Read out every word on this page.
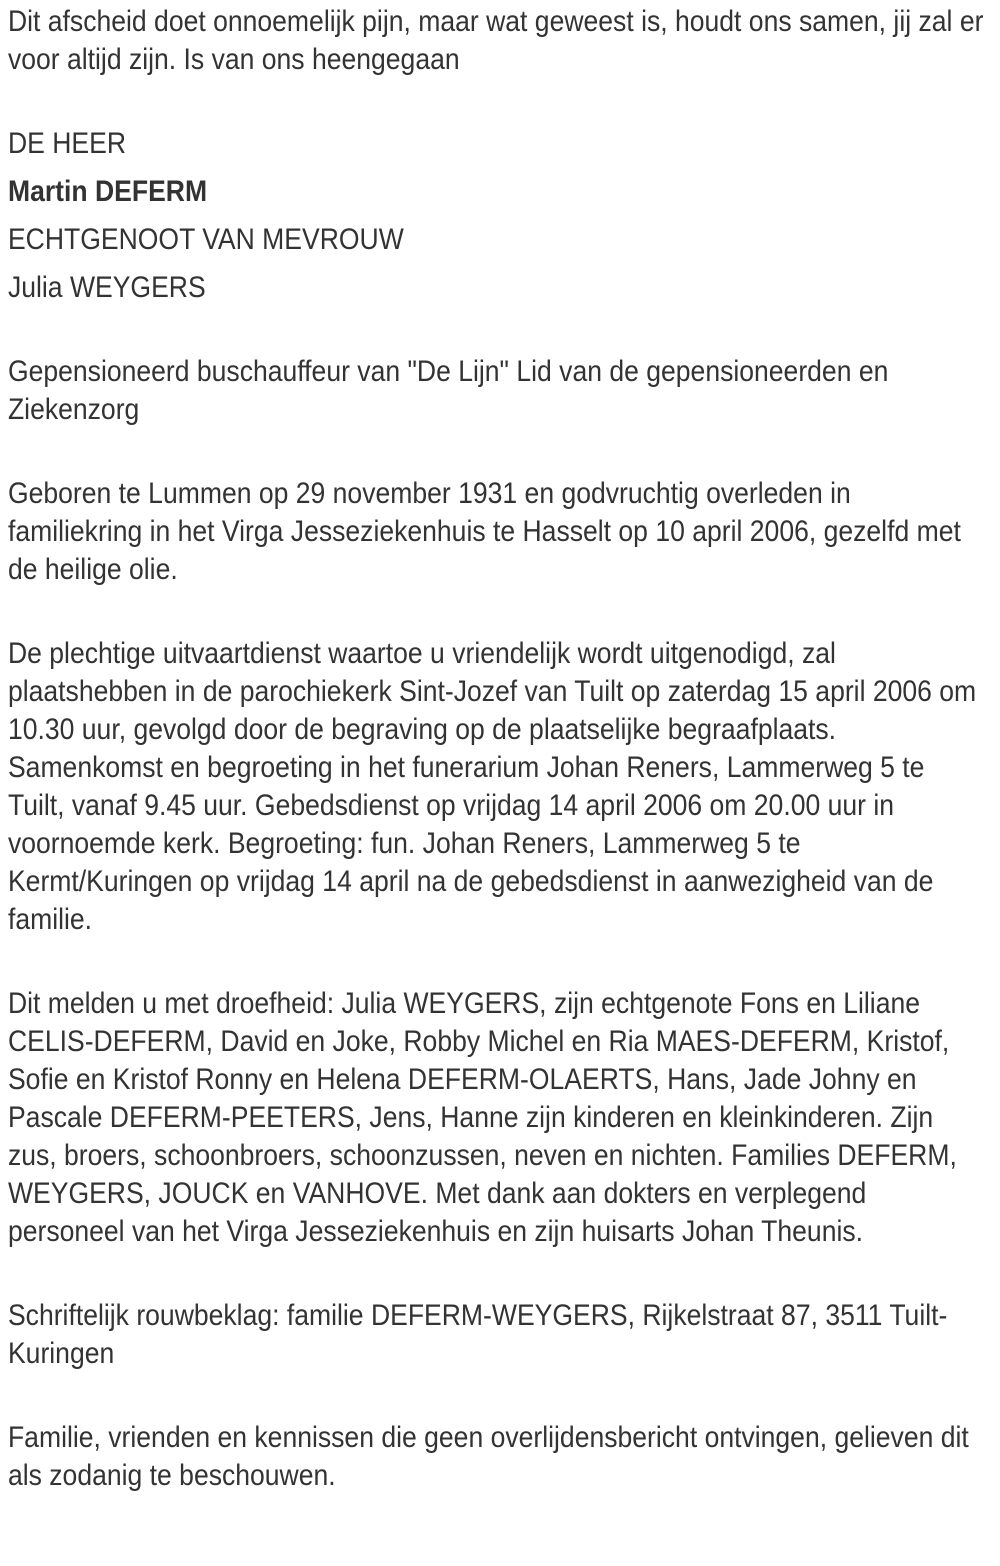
Dit afscheid doet onnoemelijk pijn, maar wat geweest is, houdt ons samen, jij zal er voor altijd zijn. Is van ons heengegaan

DE HEER

Martin DEFERM

ECHTGENOOT VAN MEVROUW

Julia WEYGERS

Gepensioneerd buschauffeur van "De Lijn" Lid van de gepensioneerden en Ziekenzorg

Geboren te Lummen op 29 november 1931 en godvruchtig overleden in familiekring in het Virga Jesseziekenhuis te Hasselt op 10 april 2006, gezelfd met de heilige olie.

De plechtige uitvaartdienst waartoe u vriendelijk wordt uitgenodigd, zal plaatshebben in de parochiekerk Sint-Jozef van Tuilt op zaterdag 15 april 2006 om 10.30 uur, gevolgd door de begraving op de plaatselijke begraafplaats. Samenkomst en begroeting in het funerarium Johan Reners, Lammerweg 5 te Tuilt, vanaf 9.45 uur. Gebedsdienst op vrijdag 14 april 2006 om 20.00 uur in voornoemde kerk. Begroeting: fun. Johan Reners, Lammerweg 5 te Kermt/Kuringen op vrijdag 14 april na de gebedsdienst in aanwezigheid van de familie.

Dit melden u met droefheid: Julia WEYGERS, zijn echtgenote Fons en Liliane CELIS-DEFERM, David en Joke, Robby Michel en Ria MAES-DEFERM, Kristof, Sofie en Kristof Ronny en Helena DEFERM-OLAERTS, Hans, Jade Johny en Pascale DEFERM-PEETERS, Jens, Hanne zijn kinderen en kleinkinderen. Zijn zus, broers, schoonbroers, schoonzussen, neven en nichten. Families DEFERM, WEYGERS, JOUCK en VANHOVE. Met dank aan dokters en verplegend personeel van het Virga Jesseziekenhuis en zijn huisarts Johan Theunis.

Schriftelijk rouwbeklag: familie DEFERM-WEYGERS, Rijkelstraat 87, 3511 Tuilt-Kuringen

Familie, vrienden en kennissen die geen overlijdensbericht ontvingen, gelieven dit als zodanig te beschouwen.
